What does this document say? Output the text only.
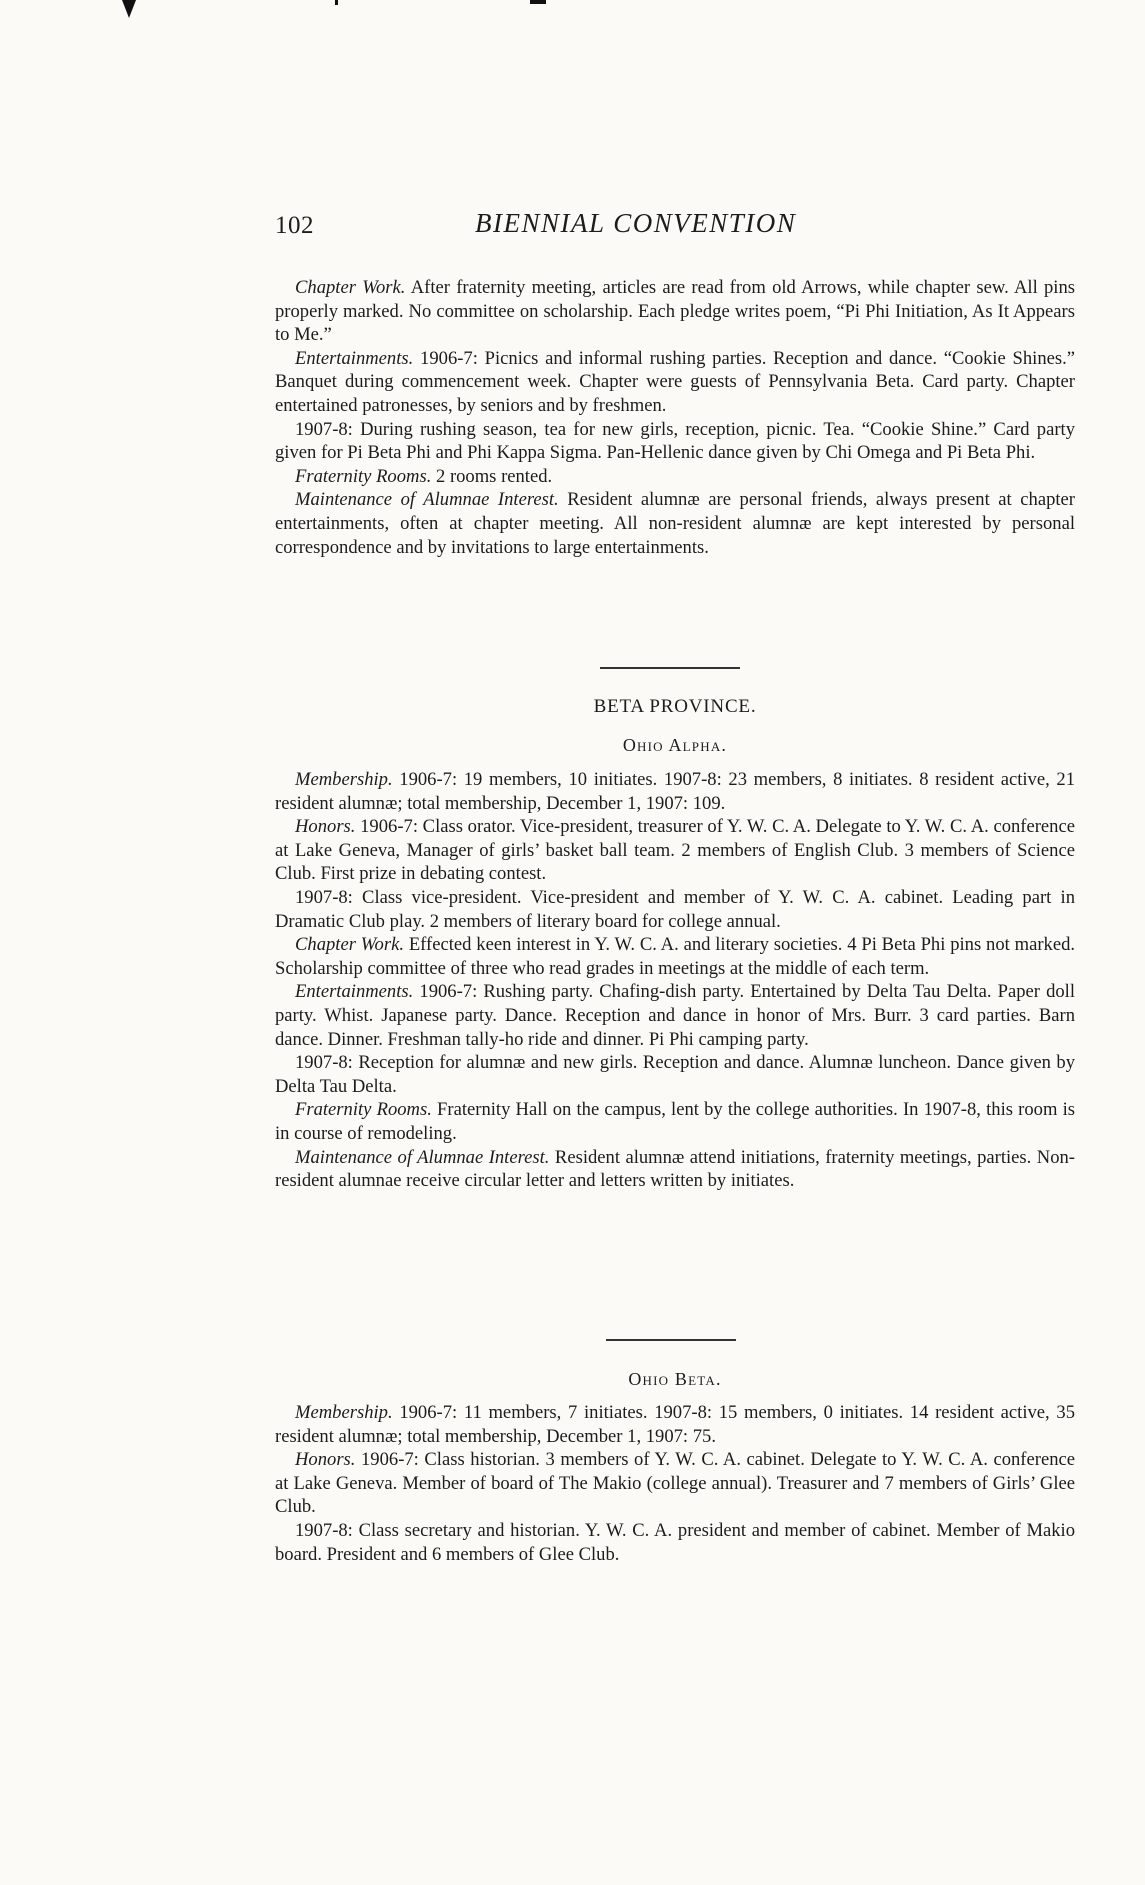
102	BIENNIAL CONVENTION

Chapter Work. After fraternity meeting, articles are read from old Arrows, while chapter sew. All pins properly marked. No committee on scholarship. Each pledge writes poem, “Pi Phi Initiation, As It Appears to Me.”

Entertainments. 1906-7: Picnics and informal rushing parties. Reception and dance. “Cookie Shines.” Banquet during commencement week. Chapter were guests of Pennsylvania Beta. Card party. Chapter entertained patronesses, by seniors and by freshmen.

1907-8: During rushing season, tea for new girls, reception, picnic. Tea. “Cookie Shine.” Card party given for Pi Beta Phi and Phi Kappa Sigma. Pan-Hellenic dance given by Chi Omega and Pi Beta Phi.

Fraternity Rooms. 2 rooms rented.

Maintenance of Alumnae Interest. Resident alumnæ are personal friends, always present at chapter entertainments, often at chapter meeting. All non-resident alumnæ are kept interested by personal correspondence and by invitations to large entertainments.

BETA PROVINCE.
Ohio Alpha.

Membership. 1906-7: 19 members, 10 initiates. 1907-8: 23 members, 8 initiates. 8 resident active, 21 resident alumnæ; total membership, December 1, 1907: 109.

Honors. 1906-7: Class orator. Vice-president, treasurer of Y. W. C. A. Delegate to Y. W. C. A. conference at Lake Geneva, Manager of girls’ basket ball team. 2 members of English Club. 3 members of Science Club. First prize in debating contest.

1907-8: Class vice-president. Vice-president and member of Y. W. C. A. cabinet. Leading part in Dramatic Club play. 2 members of literary board for college annual.

Chapter Work. Effected keen interest in Y. W. C. A. and literary societies. 4 Pi Beta Phi pins not marked. Scholarship committee of three who read grades in meetings at the middle of each term.

Entertainments. 1906-7: Rushing party. Chafing-dish party. Entertained by Delta Tau Delta. Paper doll party. Whist. Japanese party. Dance. Reception and dance in honor of Mrs. Burr. 3 card parties. Barn dance. Dinner. Freshman tally-ho ride and dinner. Pi Phi camping party.

1907-8: Reception for alumnæ and new girls. Reception and dance. Alumnæ luncheon. Dance given by Delta Tau Delta.

Fraternity Rooms. Fraternity Hall on the campus, lent by the college authorities. In 1907-8, this room is in course of remodeling.

Maintenance of Alumnae Interest. Resident alumnæ attend initiations, fraternity meetings, parties. Non-resident alumnae receive circular letter and letters written by initiates.

Ohio Beta.

Membership. 1906-7: 11 members, 7 initiates. 1907-8: 15 members, 0 initiates. 14 resident active, 35 resident alumnæ; total membership, December 1, 1907: 75.

Honors. 1906-7: Class historian. 3 members of Y. W. C. A. cabinet. Delegate to Y. W. C. A. conference at Lake Geneva. Member of board of The Makio (college annual). Treasurer and 7 members of Girls’ Glee Club.

1907-8: Class secretary and historian. Y. W. C. A. president and member of cabinet. Member of Makio board. President and 6 members of Glee Club.
